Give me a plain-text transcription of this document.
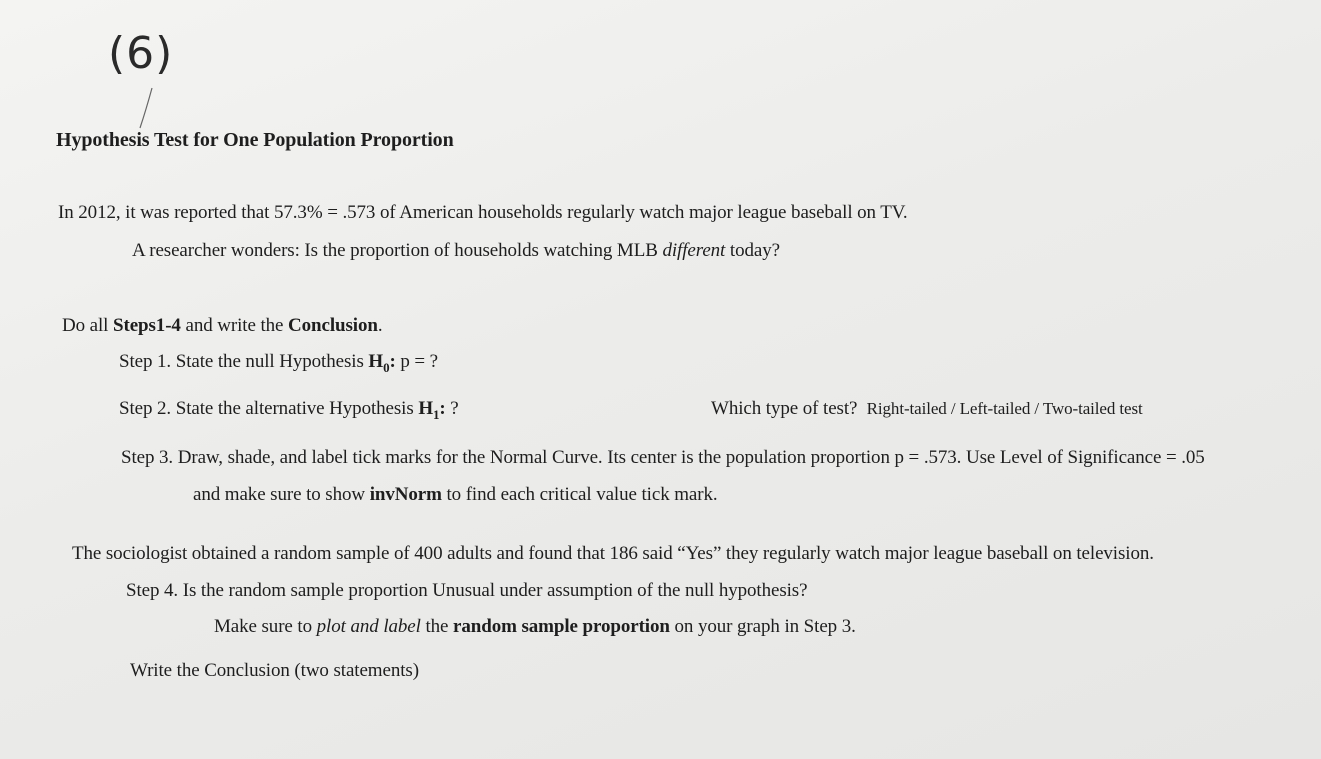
(6)
Hypothesis Test for One Population Proportion
In 2012, it was reported that 57.3% = .573 of American households regularly watch major league baseball on TV.
A researcher wonders: Is the proportion of households watching MLB different today?
Do all Steps1-4 and write the Conclusion.
Step 1. State the null Hypothesis $H_0$: p = ?
Step 2. State the alternative Hypothesis $H_1$: ?	Which type of test? Right-tailed / Left-tailed / Two-tailed test
Step 3. Draw, shade, and label tick marks for the Normal Curve. Its center is the population proportion p = .573. Use Level of Significance = .05
and make sure to show invNorm to find each critical value tick mark.
The sociologist obtained a random sample of 400 adults and found that 186 said “Yes” they regularly watch major league baseball on television.
Step 4. Is the random sample proportion Unusual under assumption of the null hypothesis?
Make sure to plot and label the random sample proportion on your graph in Step 3.
Write the Conclusion (two statements)
